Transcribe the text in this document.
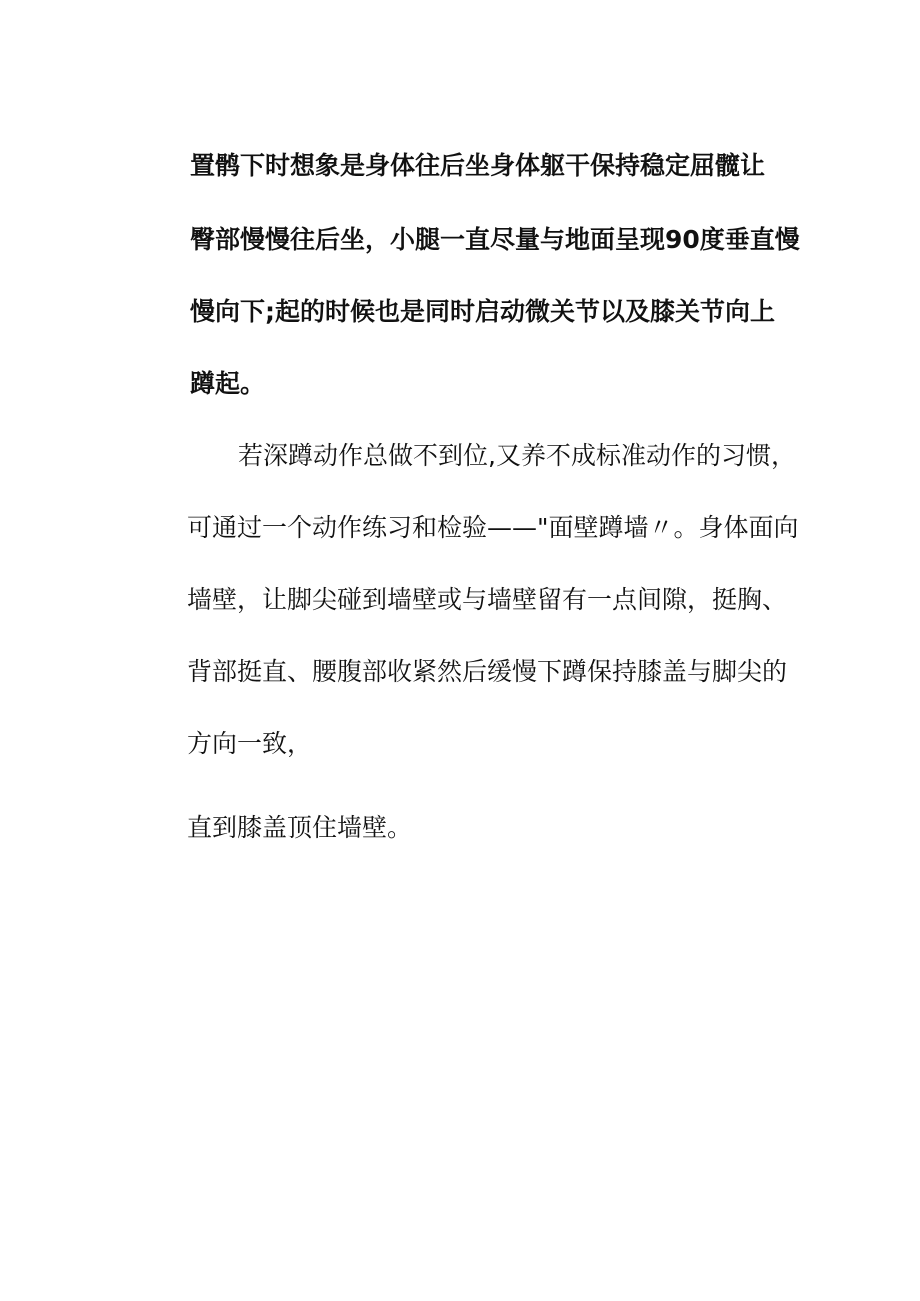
置鹘下时想象是身体往后坐身体躯干保持稳定屈髋让
臀部慢慢往后坐，小腿一直尽量与地面呈现90度垂直慢
慢向下;起的时候也是同时启动微关节以及膝关节向上
蹲起。
若深蹲动作总做不到位,又养不成标准动作的习惯，
可通过一个动作练习和检验——"面壁蹲墙〃。身体面向
墙壁，让脚尖碰到墙壁或与墙壁留有一点间隙，挺胸、
背部挺直、腰腹部收紧然后缓慢下蹲保持膝盖与脚尖的
方向一致，
直到膝盖顶住墙壁。
